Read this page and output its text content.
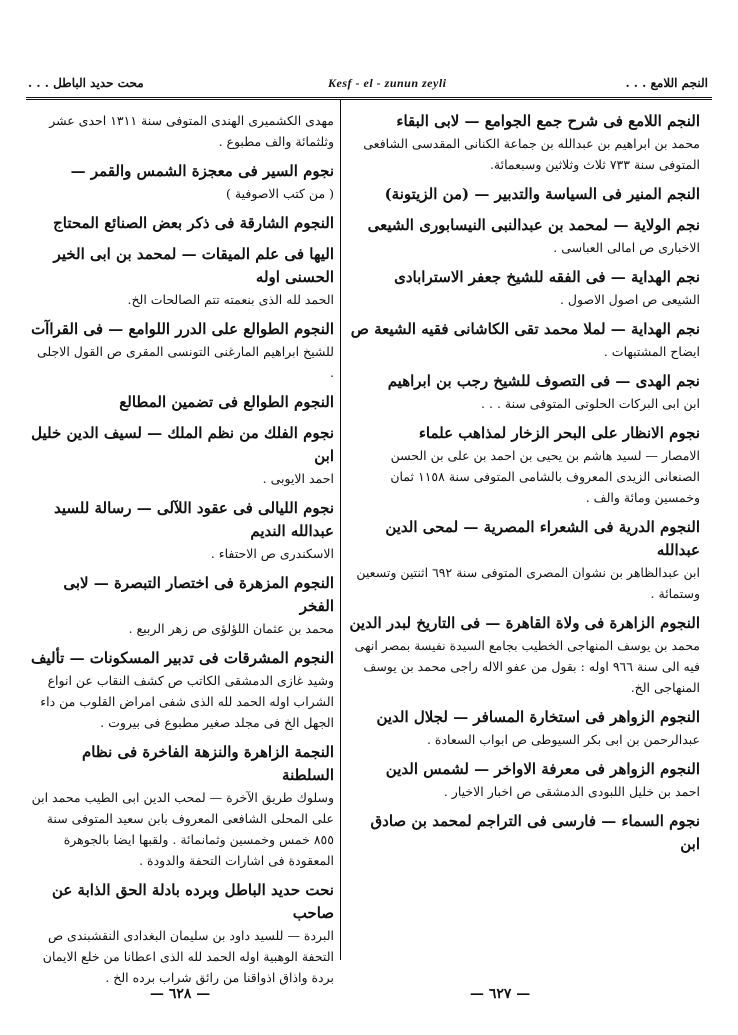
محت حديد الباطل . . .	Kesf - el - zunun zeyli	النجم اللامع . . .
النجم اللامع فى شرح جمع الجوامع — لابى البقاء
محمد بن ابراهيم بن عبدالله بن جماعة الكنانى المقدسى الشافعى المتوفى سنة ٧٣٣ ثلاث وثلاثين وسبعمائة.
النجم المنير فى السياسة والتدبير — (من الزيتونة)
نجم الولاية — لمحمد بن عبدالنبى النيسابورى الشيعى
الاخبارى ص امالى العباسى .
نجم الهداية — فى الفقه للشيخ جعفر الاسترابادى
الشيعى ص اصول الاصول .
نجم الهداية — لملا محمد تقى الكاشانى فقيه الشيعة ص
ايضاح المشتبهات .
نجم الهدى — فى التصوف للشيخ رجب بن ابراهيم
ابن ابى البركات الحلوتى المتوفى سنة . . .
نجوم الانظار على البحر الزخار لمذاهب علماء
الامصار — لسيد هاشم بن يحيى بن احمد بن على بن الحسن الصنعانى الزيدى المعروف بالشامى المتوفى سنة ١١٥٨ ثمان وخمسين ومائة والف .
النجوم الدرية فى الشعراء المصرية — لمحى الدين عبدالله
ابن عبدالظاهر بن نشوان المصرى المتوفى سنة ٦٩٢ اثنتين وتسعين وستمائة .
النجوم الزاهرة فى ولاة القاهرة — فى التاريخ لبدر الدين
محمد بن يوسف المنهاجى الخطيب بجامع السيدة نفيسة بمصر انهى فيه الى سنة ٩٦٦ اوله : بقول من عفو الاله راجى محمد بن يوسف المنهاجى الخ.
النجوم الزواهر فى استخارة المسافر — لجلال الدين
عبدالرحمن بن ابى بكر السيوطى ص ابواب السعادة .
النجوم الزواهر فى معرفة الاواخر — لشمس الدين
احمد بن خليل اللبودى الدمشقى ص اخبار الاخيار .
نجوم السماء — فارسى فى التراجم لمحمد بن صادق ابن
مهدى الكشميرى الهندى المتوفى سنة ١٣١١ احدى عشر وثلثمائة والف مطبوع .
نجوم السير فى معجزة الشمس والقمر —
( من كتب الاصوفية )
النجوم الشارقة فى ذكر بعض الصنائع المحتاج
اليها فى علم الميقات — لمحمد بن ابى الخير الحسنى اوله
الحمد لله الذى بنعمته تتم الصالحات الخ.
النجوم الطوالع على الدرر اللوامع — فى القراآت
للشيخ ابراهيم المارغنى التونسى المقرى ص القول الاجلى .
النجوم الطوالع فى تضمين المطالع
نجوم الفلك من نظم الملك — لسيف الدين خليل ابن
احمد الايوبى .
نجوم الليالى فى عقود اللآلى — رسالة للسيد عبدالله النديم
الاسكندرى ص الاحتفاء .
النجوم المزهرة فى اختصار التبصرة — لابى الفخر
محمد بن عثمان اللؤلؤى ص زهر الربيع .
النجوم المشرقات فى تدبير المسكونات — تأليف
وشيد غازى الدمشقى الكاتب ص كشف النقاب عن انواع الشراب اوله الحمد لله الذى شفى امراض القلوب من داء الجهل الخ فى مجلد صغير مطبوع فى بيروت .
النجمة الزاهرة والنزهة الفاخرة فى نظام السلطنة
وسلوك طريق الآخرة — لمحب الدين ابى الطيب محمد ابن على المحلى الشافعى المعروف بابن سعيد المتوفى سنة ٨٥٥ خمس وخمسين وثمانمائة . ولقبها ايضا بالجوهرة المعقودة فى اشارات التحفة والدودة .
نحت حديد الباطل وبرده بادلة الحق الذابة عن صاحب
البردة — للسيد داود بن سليمان البغدادى النقشبندى ص التحفة الوهبية اوله الحمد لله الذى اعطانا من خلع الايمان بردة واذاق اذواقنا من رائق شراب برده الخ .
— ٦٢٨ —	— ٦٢٧ —
